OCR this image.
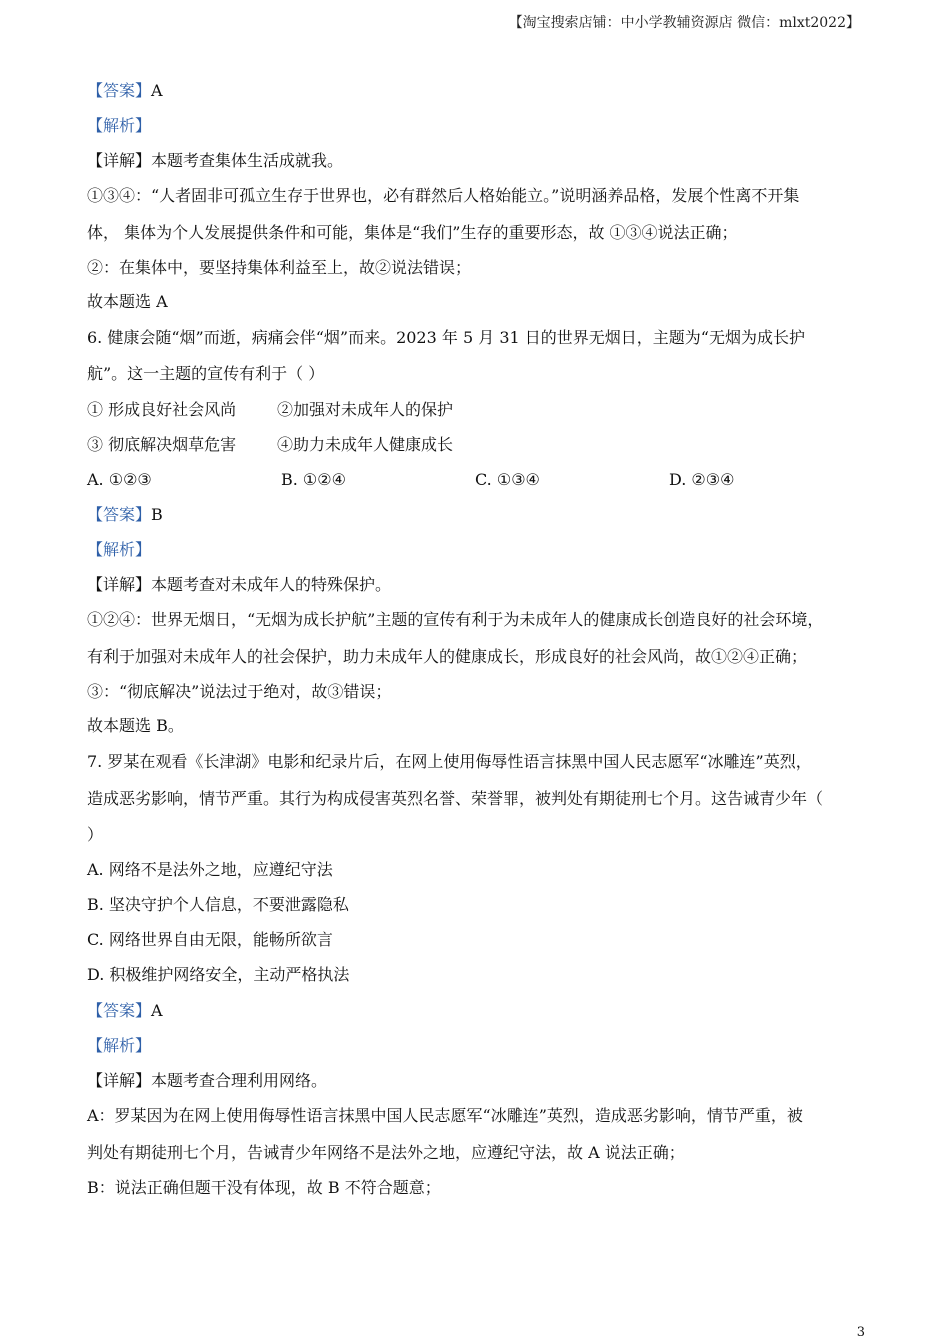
【淘宝搜索店铺：中小学教辅资源店 微信：mlxt2022】
【答案】A
【解析】
【详解】本题考查集体生活成就我。
①③④：“人者固非可孤立生存于世界也，必有群然后人格始能立。”说明涵养品格，发展个性离不开集
体， 集体为个人发展提供条件和可能，集体是“我们”生存的重要形态，故 ①③④说法正确；
②：在集体中，要坚持集体利益至上，故②说法错误；
故本题选 A
6. 健康会随“烟”而逝，病痛会伴“烟”而来。2023 年 5 月 31 日的世界无烟日，主题为“无烟为成长护
航”。这一主题的宣传有利于（ ）
① 形成良好社会风尚	②加强对未成年人的保护
③ 彻底解决烟草危害	④助力未成年人健康成长
A. ①②③	B. ①②④	C. ①③④	D. ②③④
【答案】B
【解析】
【详解】本题考查对未成年人的特殊保护。
①②④：世界无烟日，“无烟为成长护航”主题的宣传有利于为未成年人的健康成长创造良好的社会环境，
有利于加强对未成年人的社会保护，助力未成年人的健康成长，形成良好的社会风尚，故①②④正确；
③：“彻底解决”说法过于绝对，故③错误；
故本题选 B。
7. 罗某在观看《长津湖》电影和纪录片后，在网上使用侮辱性语言抹黑中国人民志愿军“冰雕连”英烈，
造成恶劣影响，情节严重。其行为构成侵害英烈名誉、荣誉罪，被判处有期徒刑七个月。这告诫青少年（
）
A. 网络不是法外之地，应遵纪守法
B. 坚决守护个人信息，不要泄露隐私
C. 网络世界自由无限，能畅所欲言
D. 积极维护网络安全，主动严格执法
【答案】A
【解析】
【详解】本题考查合理利用网络。
A：罗某因为在网上使用侮辱性语言抹黑中国人民志愿军“冰雕连”英烈，造成恶劣影响，情节严重，被
判处有期徒刑七个月，告诫青少年网络不是法外之地，应遵纪守法，故 A 说法正确；
B：说法正确但题干没有体现，故 B 不符合题意；
3
